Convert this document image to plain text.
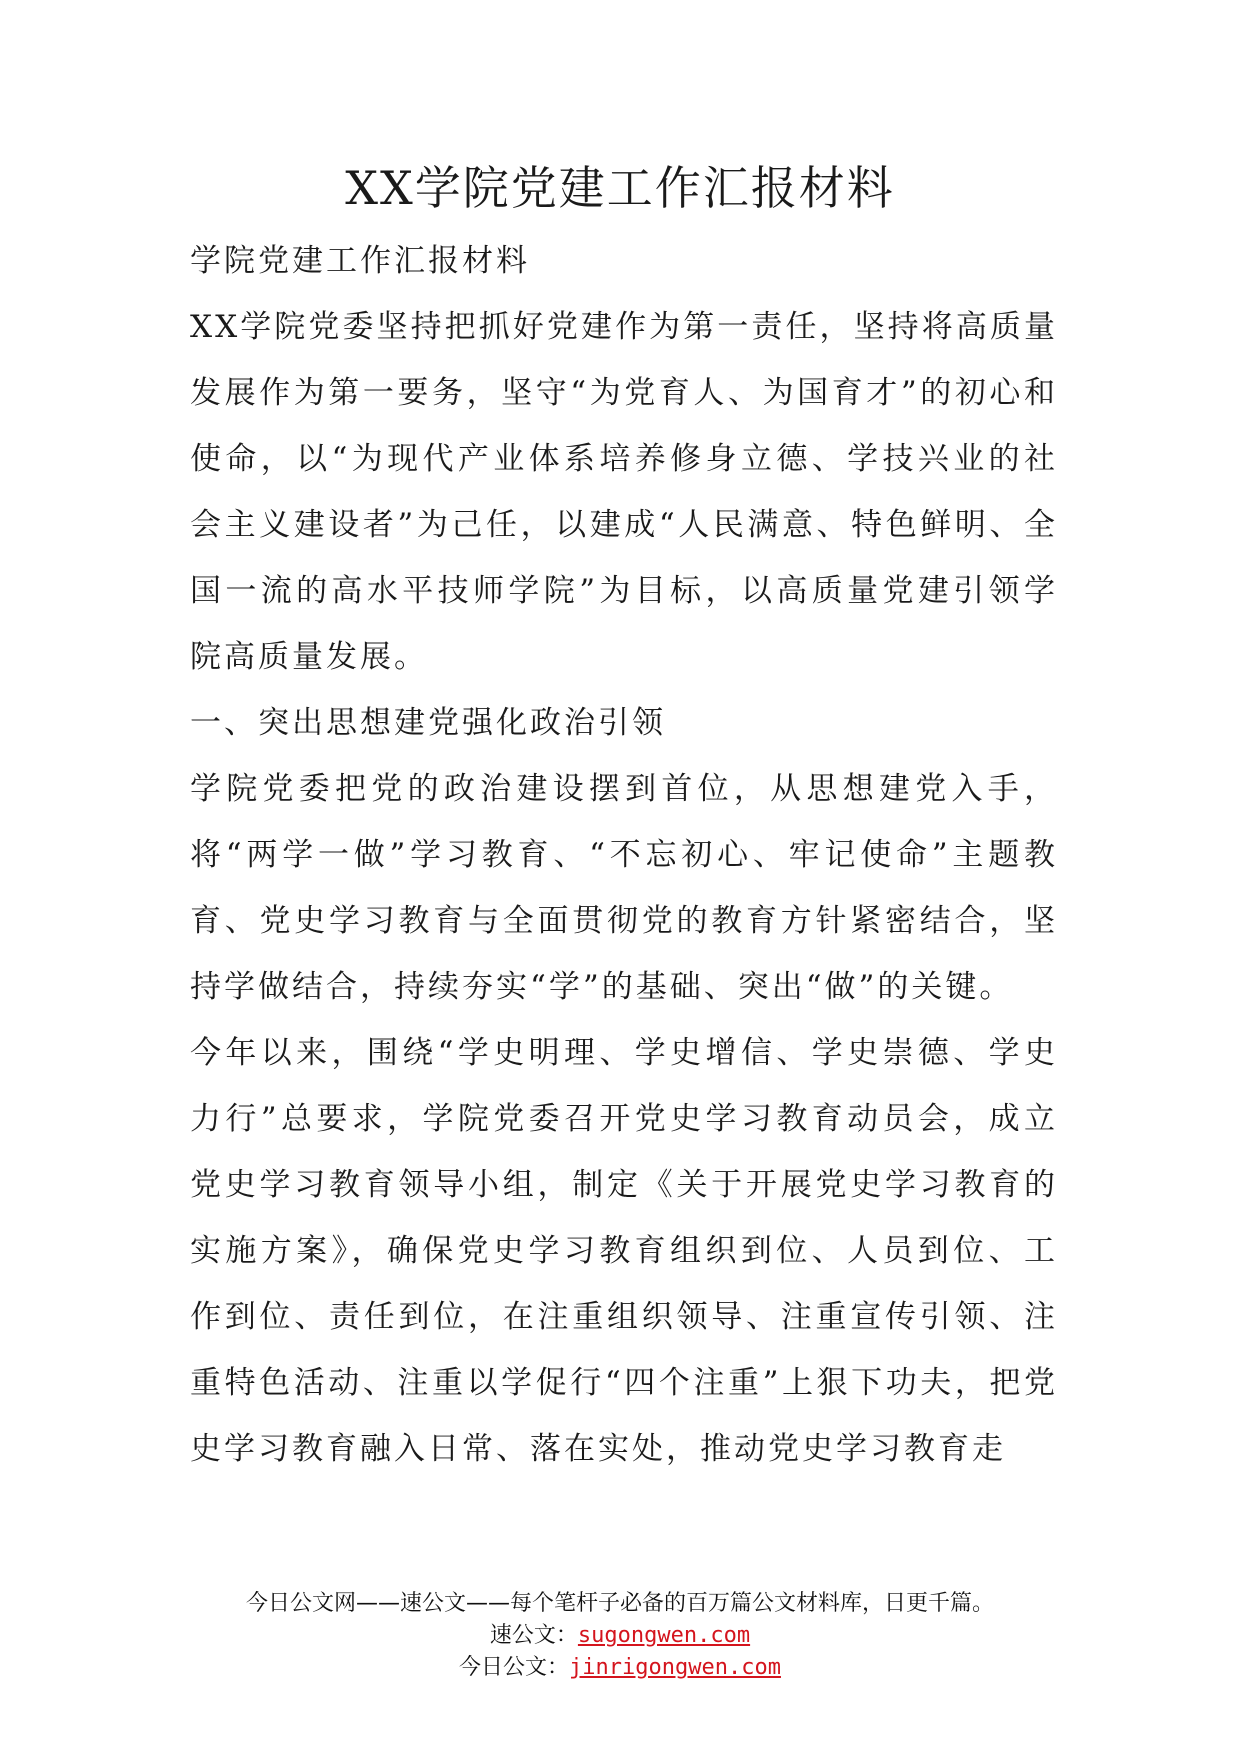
XX学院党建工作汇报材料

学院党建工作汇报材料

XX学院党委坚持把抓好党建作为第一责任，坚持将高质量发展作为第一要务，坚守“为党育人、为国育才”的初心和使命，以“为现代产业体系培养修身立德、学技兴业的社会主义建设者”为己任，以建成“人民满意、特色鲜明、全国一流的高水平技师学院”为目标，以高质量党建引领学院高质量发展。

一、突出思想建党强化政治引领

学院党委把党的政治建设摆到首位，从思想建党入手，将“两学一做”学习教育、“不忘初心、牢记使命”主题教育、党史学习教育与全面贯彻党的教育方针紧密结合，坚持学做结合，持续夯实“学”的基础、突出“做”的关键。

今年以来，围绕“学史明理、学史增信、学史崇德、学史力行”总要求，学院党委召开党史学习教育动员会，成立党史学习教育领导小组，制定《关于开展党史学习教育的实施方案》，确保党史学习教育组织到位、人员到位、工作到位、责任到位，在注重组织领导、注重宣传引领、注重特色活动、注重以学促行“四个注重”上狠下功夫，把党史学习教育融入日常、落在实处，推动党史学习教育走

今日公文网——速公文——每个笔杆子必备的百万篇公文材料库，日更千篇。
速公文：sugongwen.com
今日公文：jinrigongwen.com
